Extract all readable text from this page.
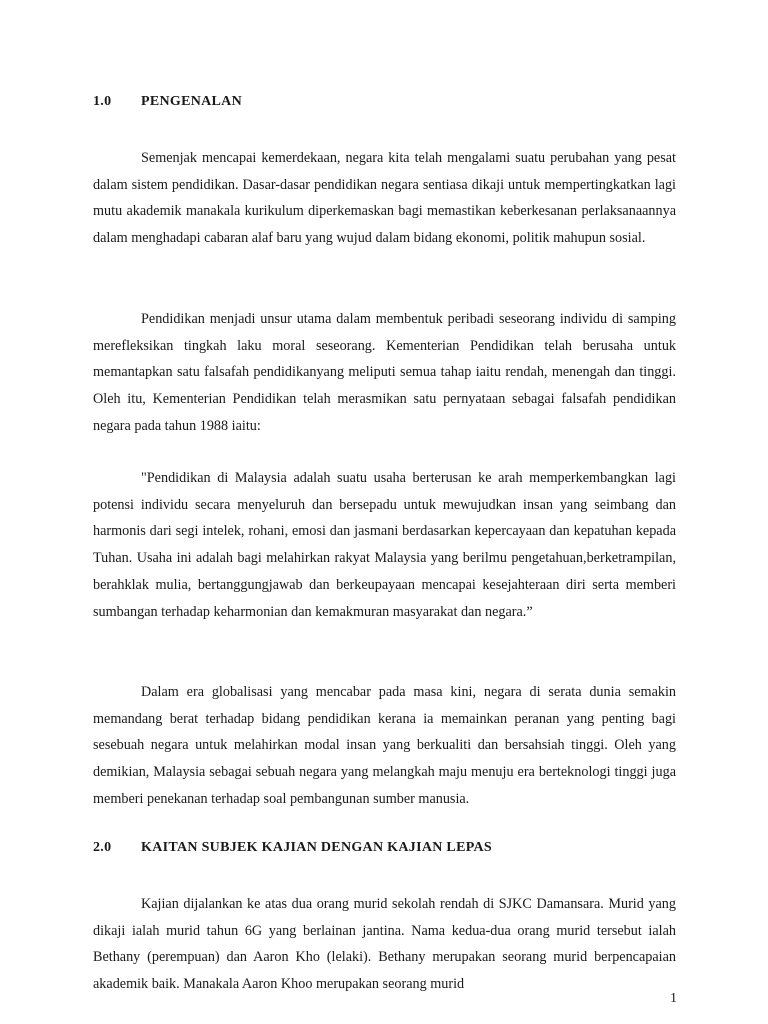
1.0 PENGENALAN

Semenjak mencapai kemerdekaan, negara kita telah mengalami suatu perubahan yang pesat dalam sistem pendidikan. Dasar-dasar pendidikan negara sentiasa dikaji untuk mempertingkatkan lagi mutu akademik manakala kurikulum diperkemaskan bagi memastikan keberkesanan perlaksanaannya dalam menghadapi cabaran alaf baru yang wujud dalam bidang ekonomi, politik mahupun sosial.

Pendidikan menjadi unsur utama dalam membentuk peribadi seseorang individu di samping merefleksikan tingkah laku moral seseorang. Kementerian Pendidikan telah berusaha untuk memantapkan satu falsafah pendidikanyang meliputi semua tahap iaitu rendah, menengah dan tinggi. Oleh itu, Kementerian Pendidikan telah merasmikan satu pernyataan sebagai falsafah pendidikan negara pada tahun 1988 iaitu:

"Pendidikan di Malaysia adalah suatu usaha berterusan ke arah memperkembangkan lagi potensi individu secara menyeluruh dan bersepadu untuk mewujudkan insan yang seimbang dan harmonis dari segi intelek, rohani, emosi dan jasmani berdasarkan kepercayaan dan kepatuhan kepada Tuhan. Usaha ini adalah bagi melahirkan rakyat Malaysia yang berilmu pengetahuan,berketrampilan, berahklak mulia, bertanggungjawab dan berkeupayaan mencapai kesejahteraan diri serta memberi sumbangan terhadap keharmonian dan kemakmuran masyarakat dan negara.”

Dalam era globalisasi yang mencabar pada masa kini, negara di serata dunia semakin memandang berat terhadap bidang pendidikan kerana ia memainkan peranan yang penting bagi sesebuah negara untuk melahirkan modal insan yang berkualiti dan bersahsiah tinggi. Oleh yang demikian, Malaysia sebagai sebuah negara yang melangkah maju menuju era berteknologi tinggi juga memberi penekanan terhadap soal pembangunan sumber manusia.

2.0 KAITAN SUBJEK KAJIAN DENGAN KAJIAN LEPAS

Kajian dijalankan ke atas dua orang murid sekolah rendah di SJKC Damansara. Murid yang dikaji ialah murid tahun 6G yang berlainan jantina. Nama kedua-dua orang murid tersebut ialah Bethany (perempuan) dan Aaron Kho (lelaki). Bethany merupakan seorang murid berpencapaian akademik baik. Manakala Aaron Khoo merupakan seorang murid

1
